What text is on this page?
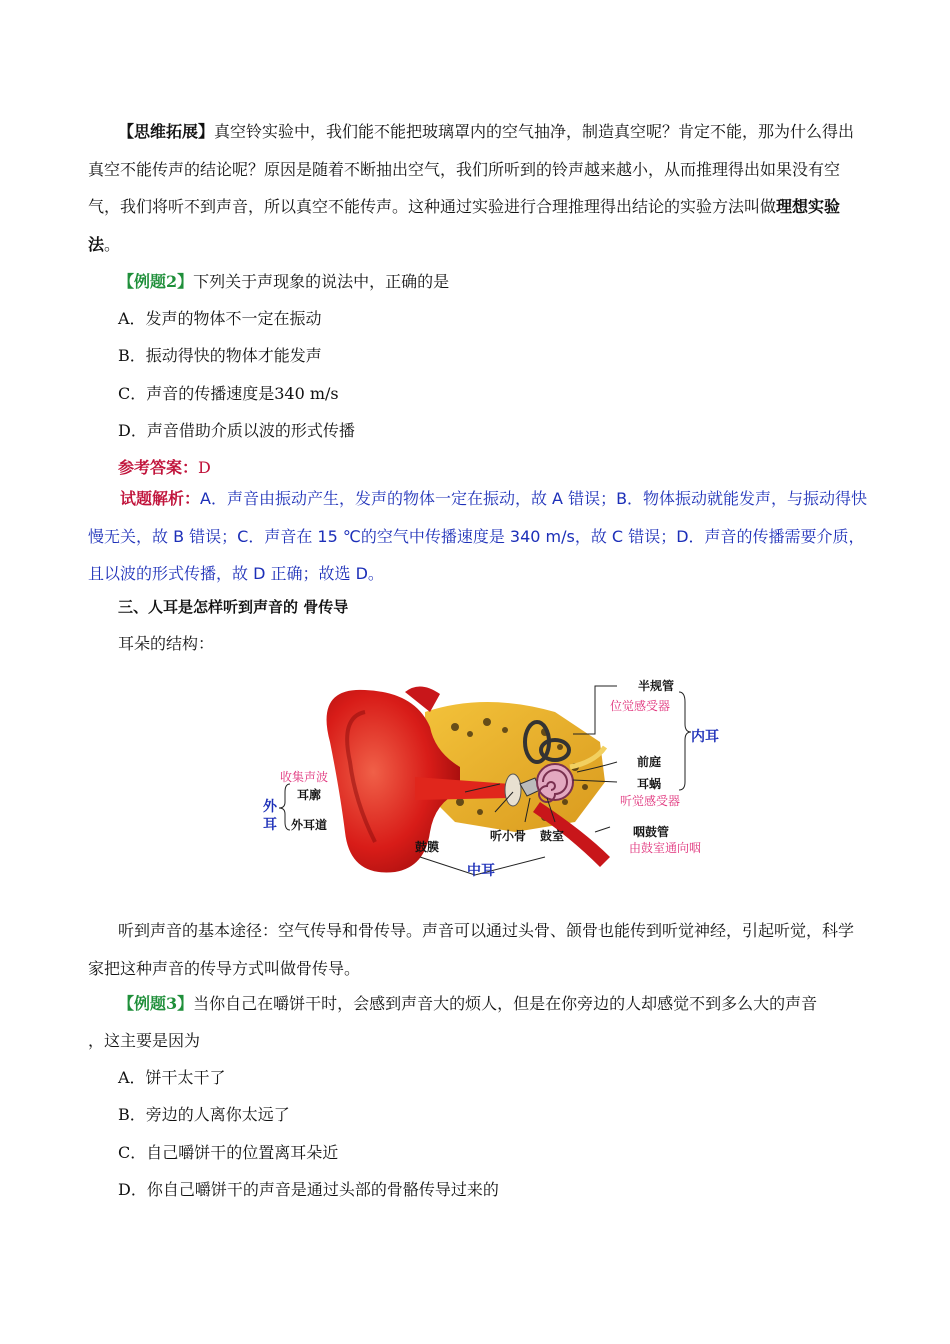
【思维拓展】真空铃实验中，我们能不能把玻璃罩内的空气抽净，制造真空呢？肯定不能，那为什么得出真空不能传声的结论呢？原因是随着不断抽出空气，我们所听到的铃声越来越小，从而推理得出如果没有空气，我们将听不到声音，所以真空不能传声。这种通过实验进行合理推理得出结论的实验方法叫做理想实验法。
【例题2】下列关于声现象的说法中，正确的是
A．发声的物体不一定在振动
B．振动得快的物体才能发声
C．声音的传播速度是340 m/s
D．声音借助介质以波的形式传播
参考答案：D
试题解析：A．声音由振动产生，发声的物体一定在振动，故 A 错误；B．物体振动就能发声，与振动得快慢无关，故 B 错误；C．声音在 15 ℃的空气中传播速度是 340 m/s，故 C 错误；D．声音的传播需要介质，且以波的形式传播，故 D 正确；故选 D。
三、人耳是怎样听到声音的 骨传导
耳朵的结构：
半规管
位觉感受器
内耳
前庭
耳蜗
听觉感受器
收集声波
耳廓
外
耳 外耳道
鼓膜
听小骨 鼓室	咽鼓管
由鼓室通向咽
中耳
听到声音的基本途径：空气传导和骨传导。声音可以通过头骨、颌骨也能传到听觉神经，引起听觉，科学家把这种声音的传导方式叫做骨传导。
【例题3】当你自己在嚼饼干时，会感到声音大的烦人，但是在你旁边的人却感觉不到多么大的声音
，这主要是因为
A．饼干太干了
B．旁边的人离你太远了
C．自己嚼饼干的位置离耳朵近
D．你自己嚼饼干的声音是通过头部的骨骼传导过来的
